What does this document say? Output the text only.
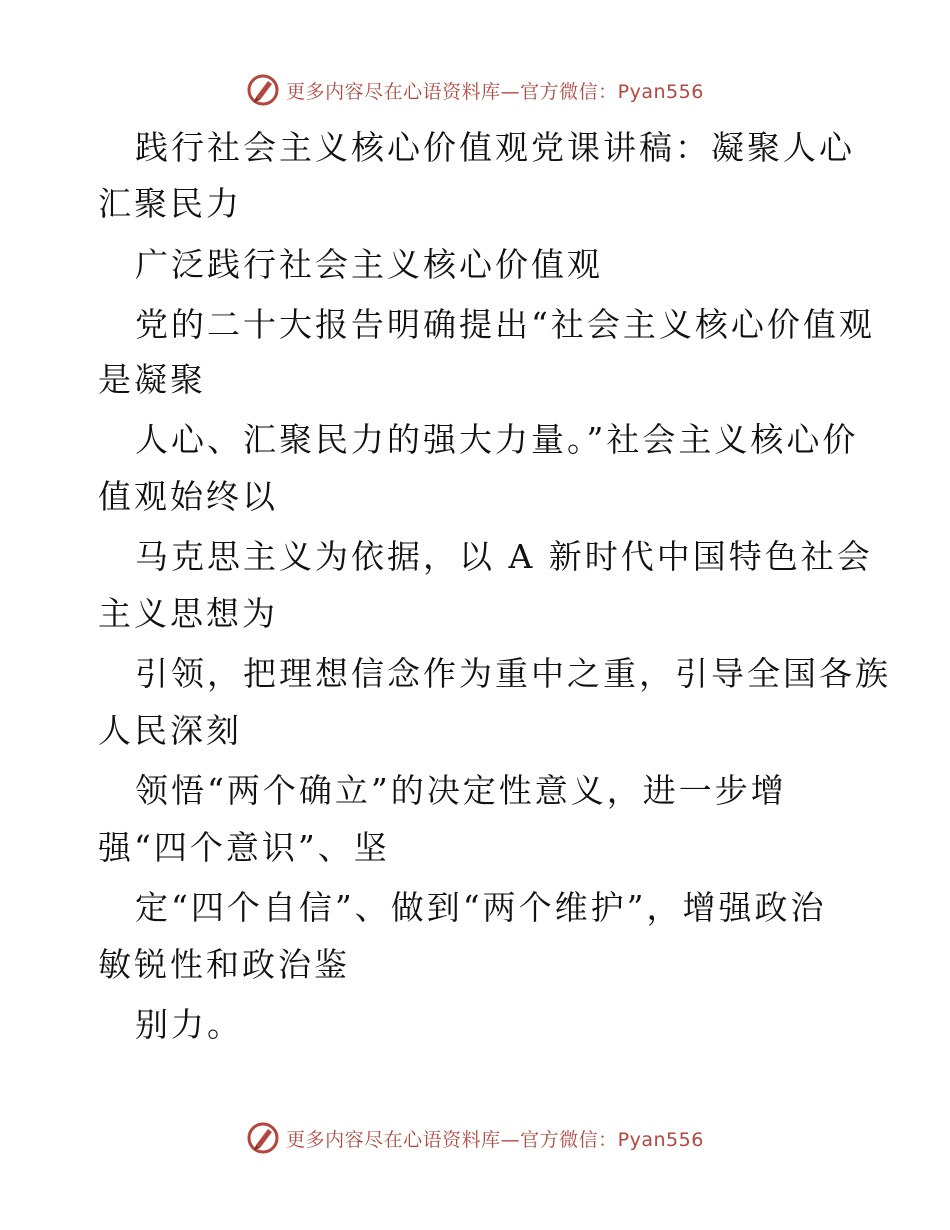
更多内容尽在心语资料库—官方微信：Pyan556
践行社会主义核心价值观党课讲稿：凝聚人心
汇聚民力
广泛践行社会主义核心价值观
党的二十大报告明确提出“社会主义核心价值观
是凝聚
人心、汇聚民力的强大力量。”社会主义核心价
值观始终以
马克思主义为依据，以 A 新时代中国特色社会
主义思想为
引领，把理想信念作为重中之重，引导全国各族
人民深刻
领悟“两个确立”的决定性意义，进一步增
强“四个意识”、坚
定“四个自信”、做到“两个维护”，增强政治
敏锐性和政治鉴
别力。
更多内容尽在心语资料库—官方微信：Pyan556
